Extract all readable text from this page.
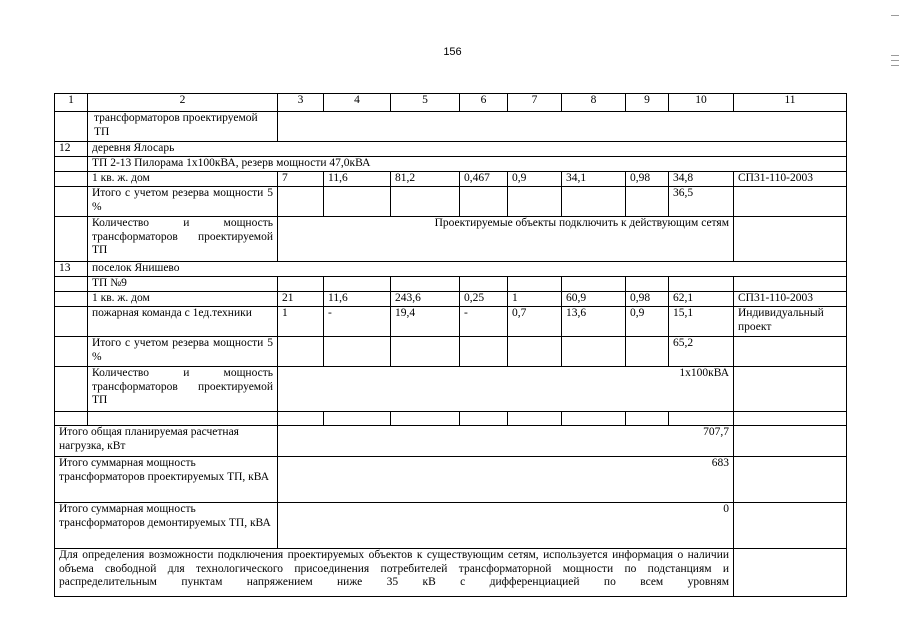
156
1	2	3	4	5	6	7	8	9	10	11
	трансформаторов проектируемой ТП									
12	деревня Ялосарь									
	ТП 2-13 Пилорама 1х100кВА, резерв мощности 47,0кВА									
	1 кв. ж. дом	7	11,6	81,2	0,467	0,9	34,1	0,98	34,8	СП31-110-2003
	Итого с учетом резерва мощности 5 %								36,5	
	Количество и мощность трансформаторов проектируемой ТП	Проектируемые объекты подключить к действующим сетям								
13	поселок Янишево									
	ТП №9									
	1 кв. ж. дом	21	11,6	243,6	0,25	1	60,9	0,98	62,1	СП31-110-2003
	пожарная команда с 1ед.техники	1	-	19,4	-	0,7	13,6	0,9	15,1	Индивидуальный проект
	Итого с учетом резерва мощности 5 %								65,2	
	Количество и мощность трансформаторов проектируемой ТП	1х100кВА								

Итого общая планируемая расчетная нагрузка, кВт		707,7								
Итого суммарная мощность трансформаторов проектируемых ТП, кВА		683								
Итого суммарная мощность трансформаторов демонтируемых ТП, кВА		0								
Для определения возможности подключения проектируемых объектов к существующим сетям, используется информация о наличии объема свободной для технологического присоединения потребителей трансформаторной мощности по подстанциям и распределительным пунктам напряжением ниже 35 кВ с дифференциацией по всем уровням										
